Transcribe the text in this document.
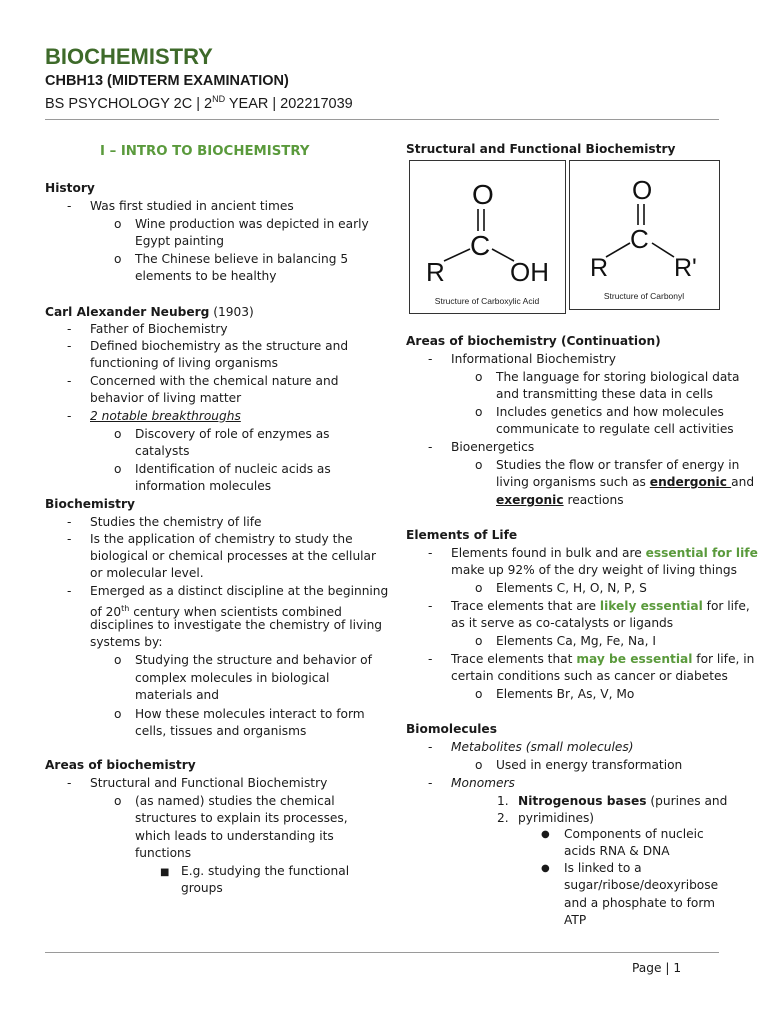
BIOCHEMISTRY
CHBH13 (MIDTERM EXAMINATION)
BS PSYCHOLOGY 2C | 2ND YEAR | 202217039
I – INTRO TO BIOCHEMISTRY
History
- Was first studied in ancient times
o Wine production was depicted in early
Egypt painting
o The Chinese believe in balancing 5
elements to be healthy
Carl Alexander Neuberg (1903)
- Father of Biochemistry
- Defined biochemistry as the structure and
functioning of living organisms
- Concerned with the chemical nature and
behavior of living matter
- 2 notable breakthroughs
o Discovery of role of enzymes as
catalysts
o Identification of nucleic acids as
information molecules
Biochemistry
- Studies the chemistry of life
- Is the application of chemistry to study the
biological or chemical processes at the cellular
or molecular level.
- Emerged as a distinct discipline at the beginning
of 20th century when scientists combined
disciplines to investigate the chemistry of living
systems by:
o Studying the structure and behavior of
complex molecules in biological
materials and
o How these molecules interact to form
cells, tissues and organisms
Areas of biochemistry
- Structural and Functional Biochemistry
o (as named) studies the chemical
structures to explain its processes,
which leads to understanding its
functions
■ E.g. studying the functional
groups
Structural and Functional Biochemistry
O
C
R	OH
Structure of Carboxylic Acid
O
C
R	R'
Structure of Carbonyl
Areas of biochemistry (Continuation)
- Informational Biochemistry
o The language for storing biological data
and transmitting these data in cells
o Includes genetics and how molecules
communicate to regulate cell activities
- Bioenergetics
o Studies the flow or transfer of energy in
living organisms such as endergonic and
exergonic reactions
Elements of Life
- Elements found in bulk and are essential for life
make up 92% of the dry weight of living things
o Elements C, H, O, N, P, S
- Trace elements that are likely essential for life,
as it serve as co-catalysts or ligands
o Elements Ca, Mg, Fe, Na, I
- Trace elements that may be essential for life, in
certain conditions such as cancer or diabetes
o Elements Br, As, V, Mo
Biomolecules
- Metabolites (small molecules)
o Used in energy transformation
- Monomers
1. Nitrogenous bases (purines and
2. pyrimidines)
● Components of nucleic
acids RNA & DNA
● Is linked to a
sugar/ribose/deoxyribose
and a phosphate to form
ATP
Page | 1
